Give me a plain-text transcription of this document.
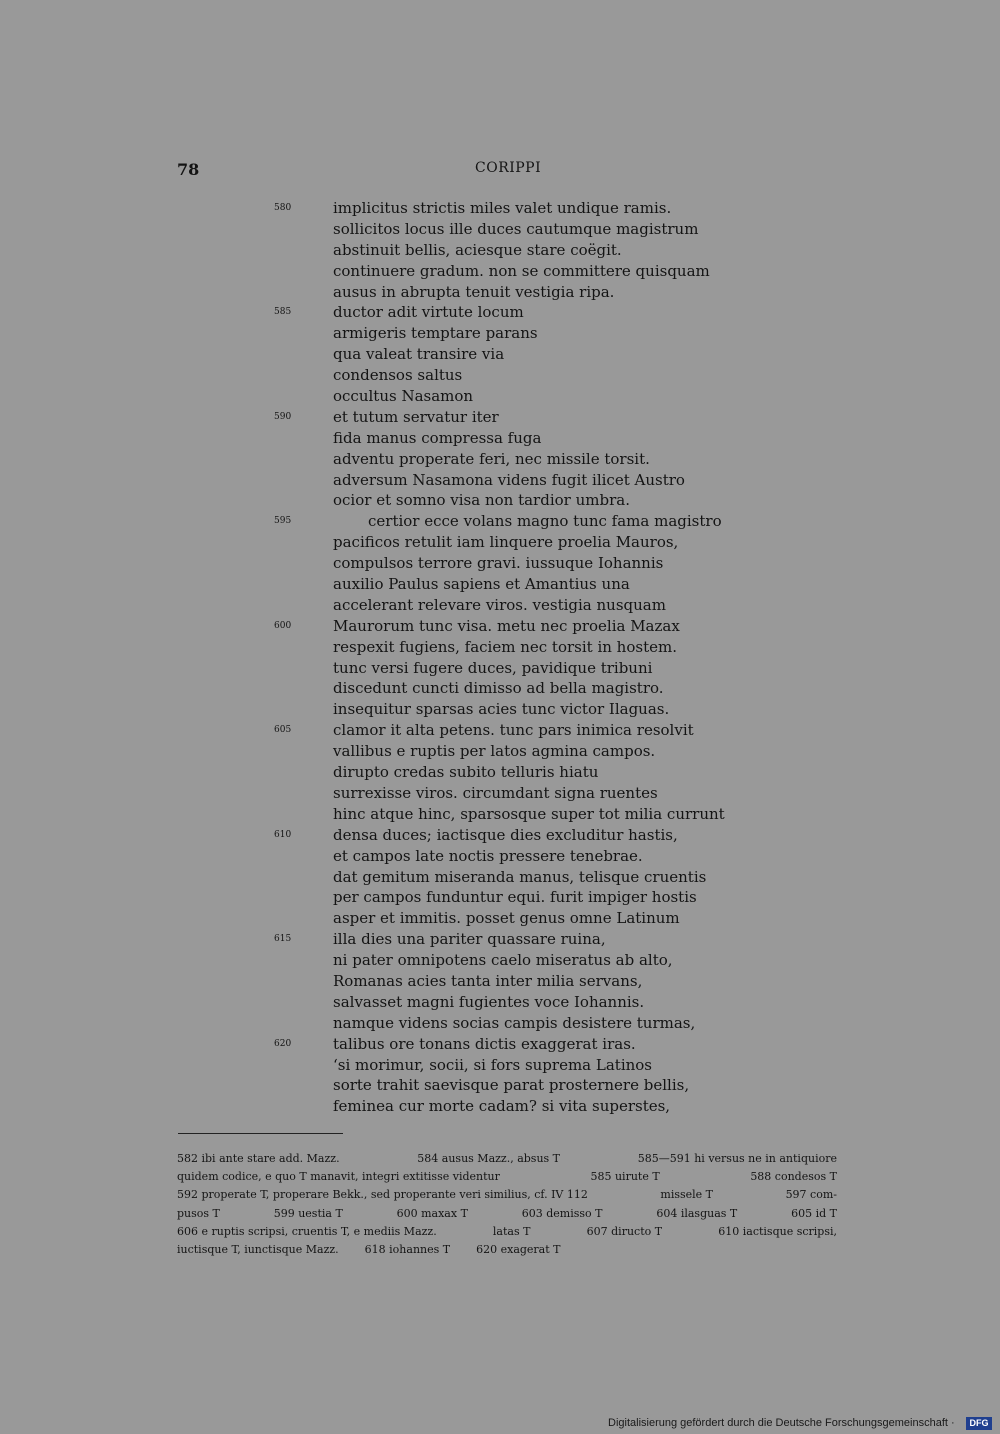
78	CORIPPI
580	implicitus strictis miles valet undique ramis.
sollicitos locus ille duces cautumque magistrum
abstinuit bellis, aciesque stare coëgit.
continuere gradum. non se committere quisquam
ausus in abrupta tenuit vestigia ripa.
585	ductor adit virtute locum
armigeris temptare parans
qua valeat transire via
condensos saltus
occultus Nasamon
590	et tutum servatur iter
fida manus compressa fuga
adventu properate feri, nec missile torsit.
adversum Nasamona videns fugit ilicet Austro
ocior et somno visa non tardior umbra.
595	certior ecce volans magno tunc fama magistro
pacificos retulit iam linquere proelia Mauros,
compulsos terrore gravi. iussuque Iohannis
auxilio Paulus sapiens et Amantius una
accelerant relevare viros. vestigia nusquam
600	Maurorum tunc visa. metu nec proelia Mazax
respexit fugiens, faciem nec torsit in hostem.
tunc versi fugere duces, pavidique tribuni
discedunt cuncti dimisso ad bella magistro.
insequitur sparsas acies tunc victor Ilaguas.
605	clamor it alta petens. tunc pars inimica resolvit
vallibus e ruptis per latos agmina campos.
dirupto credas subito telluris hiatu
surrexisse viros. circumdant signa ruentes
hinc atque hinc, sparsosque super tot milia currunt
610	densa duces; iactisque dies excluditur hastis,
et campos late noctis pressere tenebrae.
dat gemitum miseranda manus, telisque cruentis
per campos funduntur equi. furit impiger hostis
asper et immitis. posset genus omne Latinum
615	illa dies una pariter quassare ruina,
ni pater omnipotens caelo miseratus ab alto,
Romanas acies tanta inter milia servans,
salvasset magni fugientes voce Iohannis.
namque videns socias campis desistere turmas,
620	talibus ore tonans dictis exaggerat iras.
‘si morimur, socii, si fors suprema Latinos
sorte trahit saevisque parat prosternere bellis,
feminea cur morte cadam? si vita superstes,
582 ibi ante stare add. Mazz.	584 ausus Mazz., absus T	585—591 hi versus ne in antiquiore
quidem codice, e quo T manavit, integri extitisse videntur	585 uirute T	588 condesos T
592 properate T, properare Bekk., sed properante veri similius, cf. IV 112	missele T	597 com-
pusos T	599 uestia T	600 maxax T	603 demisso T	604 ilasguas T	605 id T
606 e ruptis scripsi, cruentis T, e mediis Mazz.	latas T	607 diructo T	610 iactisque scripsi,
iuctisque T, iunctisque Mazz. 618 iohannes T 620 exagerat T
Digitalisierung gefördert durch die Deutsche Forschungsgemeinschaft ·	DFG
